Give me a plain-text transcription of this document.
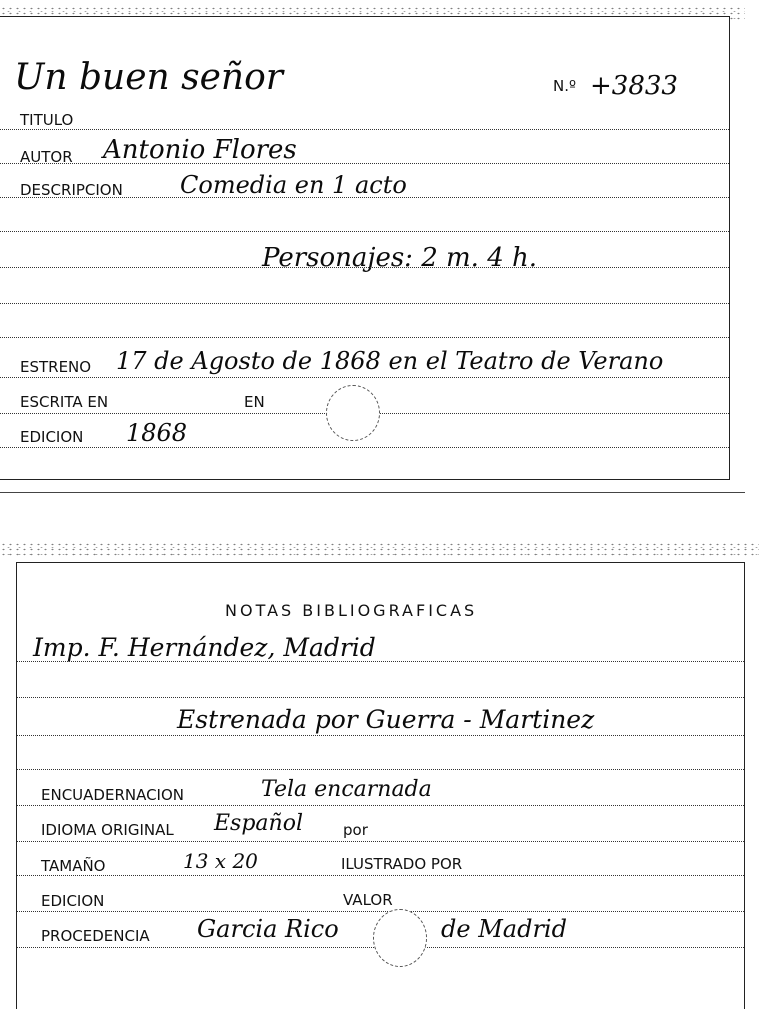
Un buen señor	N.º +3833
TITULO
AUTOR Antonio Flores
DESCRIPCION Comedia en 1 acto
Personajes: 2 m. 4 h.
ESTRENO 17 de Agosto de 1868 en el Teatro de Verano
ESCRITA EN	EN
EDICION 1868
NOTAS BIBLIOGRAFICAS
Imp. F. Hernández, Madrid
Estrenada por Guerra - Martinez
ENCUADERNACION	Tela encarnada
IDIOMA ORIGINAL Español	por
TAMAÑO	13 x 20	ILUSTRADO POR
EDICION	VALOR
PROCEDENCIA Garcia Rico	de Madrid
